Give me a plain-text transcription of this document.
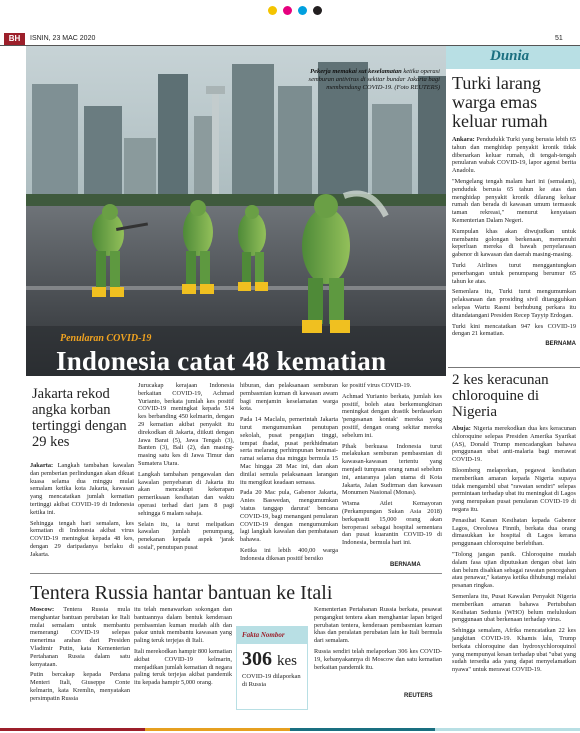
BH	ISNIN, 23 MAC 2020	51
Pekerja memakai sut keselamatan ketika operasi semburan antivirus di sekitar bundar Jakarta bagi membendung COVID-19. (Foto REUTERS)
Penularan COVID-19
Indonesia catat 48 kematian
Dunia
Turki larang warga emas keluar rumah

Ankara: Pendudukk Turki yang berusia lebih 65 tahun dan menghidap penyakit kronik tidak dibenarkan keluar rumah, di tengah-tengah penularan wabak COVID-19, lapor agensi berita Anadolu.

"Mengelang tengah malam hari ini (semalam), penduduk berusia 65 tahun ke atas dan menghidap penyakit kronik dilarang keluar rumah dan berada di kawasan umum termasuk taman rekreasi," menurut kenyataan Kementerian Dalam Negeri.

Kumpulan khas akan diwujudkan untuk membantu golongan berkenaan, memenuhi keperluan mereka di bawah penyelarasan gabenor di kawasan dan daerah masing-masing.

Turki Airlines turut menggantungkan penerbangan untuk penumpang berumur 65 tahun ke atas.

Semenlara itu, Turki turut mengumumkan pelaksanaan dan prosiding sivil ditangguhkan selepas Wartu Rasmi berhubung perkara itu ditandatangani Presiden Recep Tayyip Erdogan.

Turki kini mencatatkan 947 kes COVID-19 dengan 21 kematian.

BERNAMA
2 kes keracunan chloroquine di Nigeria

Abuja: Nigeria merekodkan dua kes keracunan chloroquine selepas Presiden Amerika Syarikat (AS), Donald Trump mencadangkan bahawa penggunaan ubat anti-malaria bagi merawat COVID-19.

Bloomberg melaporkan, pegawai kesihatan memberikan amaran kepada Nigeria supaya tidak mengambil ubat "rawatan sendiri" selepas permintaan terhadap ubat itu meningkat di Lagos yang merupakan pusat penularan COVID-19 di negara itu.

Penasihat Kanan Kesihatan kepada Gabenor Lagos, Oreoluwa Finnih, berkata dua orang dimasukkan ke hospital di Lagos kerana penggunaan chloroquine berlebihan.

"Tolong jangan panik. Chloroquine mudah dalam fasa ujian diputuskan dengan obat lain dan belum disahkan sebagai rawatan pencegahan atau penawar," katanya ketika dihubungi melalui pesanan ringkas.

Semenlara itu, Pusat Kawalan Penyakit Nigeria memberikan amaran bahawa Pertubuhan Kesihatan Sedunia (WHO) belum meluluskan penggunaan ubat berkenaan terhadap virus.

Sehingga semalam, Afrika mencatatkan 22 kes jangkitan COVID-19. Khamis lalu, Trump berkata chloroquine dan hydroxychloroquinol yang mempunyai kesan terhadap ubat "ubat yang sudah tersedia ada yang dapat menyelamatkan nyawa" untuk merawat COVID-19.

Jakarta rekod angka korban tertinggi dengan 29 kes

Jakarta: Langkah tambahan kawalan dan pemberian perlindungan akan dikuat kuasa selama dua minggu mulai semalam ketika kota Jakarta, kawasan yang mencatatkan jumlah kematian tertinggi akibat COVID-19 di Indonesia ketika ini.

Sehingga tengah hari semalam, kes kematian di Indonesia akibat virus COVID-19 meningkat kepada 48 kes, dengan 29 daripadanya berlaku di Jakarta.

Jurucakap kerajaan Indonesia berkaitan COVID-19, Achmad Yurianto, berkata jumlah kes positif COVID-19 meningkat kepada 514 kes berbanding 450 kelmarin, dengan 29 kematian akibat penyakit itu direkodkan di Jakarta, diikuti dengan Jawa Barat (5), Jawa Tengah (3), Banten (3), Bali (2), dan masing-masing satu kes di Jawa Timur dan Sumatera Utara.

Langkah tambahan pengawalan dan kawalan penyebaran di Jakarta itu akan mencakupi kekerapan pemeriksaan kesihatan dan waktu operasi terhad dari jam 8 pagi sehingga 6 malam sahaja.

Selain itu, ia turut melipatkan kawalan jumlah penumpang, penekanan kepada aspek 'jarak sosial', penutupan pusat

hiburan, dan pelaksanaan semburan pembasmian kuman di kawasan awam bagi menjamin keselamatan warga kota.

Pada 14 Maclalu, pemerintah Jakarta turut mengumumkan penutupan sekolah, pusat pengajian tinggi, tempat ibadat, pusat perkhidmatan serta melarang perhimpunan beramai-ramai selama dua minggu bermula 15 Mac hingga 28 Mac ini, dan akan dinilai semula pelaksanaan larangan itu mengikut keadaan semasa.

Pada 20 Mac pula, Gabenor Jakarta, Anies Baswedan, mengumumkan 'status tanggap darurat' bencana COVID-19, bagi menangani penularan COVID-19 dengan mengumumkan lagi langkah kawalan dan pembatasan bahawa.

Ketika ini lebih 400,00 warga Indonesia dikesan positif bersiko

ke positif virus COVID-19.

Achmad Yurianto berkata, jumlah kes positif, boleh atau berkemungkinan meningkat dengan drastik berdasarkan 'pengesanan kontak' mereka yang positif, dengan orang sekitar mereka sebelum ini.

Pihak berkuasa Indonesia turut melakukan semburan pembasmian di kawasan-kawasan tertentu yang menjadi tumpuan orang ramai sebelum ini, antaranya jalan utama di Kota Jakarta, Jalan Sudirman dan kawasan Monumen Nasional (Monas).

Wisma Atlet Kemayoran (Perkampungan Sukan Asia 2018) berkapasiti 15,000 orang akan beroperasi sebagai hospital sementara dan pusat kuarantin COVID-19 di Indonesia, bermula hari ini.

BERNAMA
Tentera Russia hantar bantuan ke Itali

Moscow: Tentera Russia mula menghantar bantuan perubatan ke Itali mulai semalam untuk membantu memerangi COVID-19 selepas menerima arahan dari Presiden Vladimir Putin, kata Kementerian Pertahanan Russia dalam satu kenyataan.

Putin bercakap kepada Perdana Menteri Itali, Giuseppe Conte kelmarin, kata Kremlin, menyatakan persimpatin Russia

itu telah menawarkan sokongan dan bantuannya dalam bentuk kenderaan pembasmian kuman mudah alih dan pakar untuk membantu kawasan yang paling teruk terjejas di Itali.

Itali merekodkan hampir 800 kematian akibat COVID-19 kelmarin, menjadikan jumlah kematian di negara paling teruk terjejas akibat pandemik itu kepada hampir 5,000 orang.

Fakta Nombor
306 kes
COVID-19 dilaporkan di Russia

Kementerian Pertahanan Russia berkata, pesawat pengangkut tentera akan menghantar lapan briged perubatan tentera, kenderaan pembasmian kuman khas dan peralatan perubatan lain ke Itali bermula dari semalam.

Russia sendiri telah melaporkan 306 kes COVID-19, kebanyakannya di Moscow dan satu kematian berkaitan pandemik itu.

REUTERS
